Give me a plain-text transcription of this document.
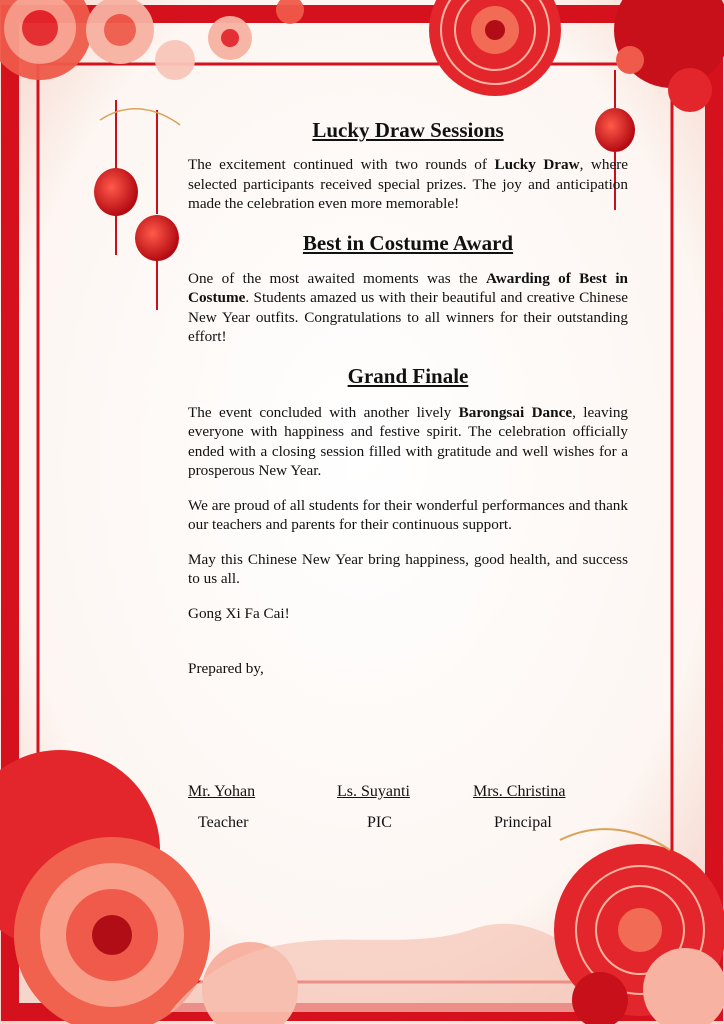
Lucky Draw Sessions

The excitement continued with two rounds of Lucky Draw, where selected participants received special prizes. The joy and anticipation made the celebration even more memorable!

Best in Costume Award

One of the most awaited moments was the Awarding of Best in Costume. Students amazed us with their beautiful and creative Chinese New Year outfits. Congratulations to all winners for their outstanding effort!

Grand Finale

The event concluded with another lively Barongsai Dance, leaving everyone with happiness and festive spirit. The celebration officially ended with a closing session filled with gratitude and well wishes for a prosperous New Year.

We are proud of all students for their wonderful performances and thank our teachers and parents for their continuous support.

May this Chinese New Year bring happiness, good health, and success to us all.

Gong Xi Fa Cai!

Prepared by,

Mr. Yohan
Teacher
Ls. Suyanti
PIC
Mrs. Christina
Principal
